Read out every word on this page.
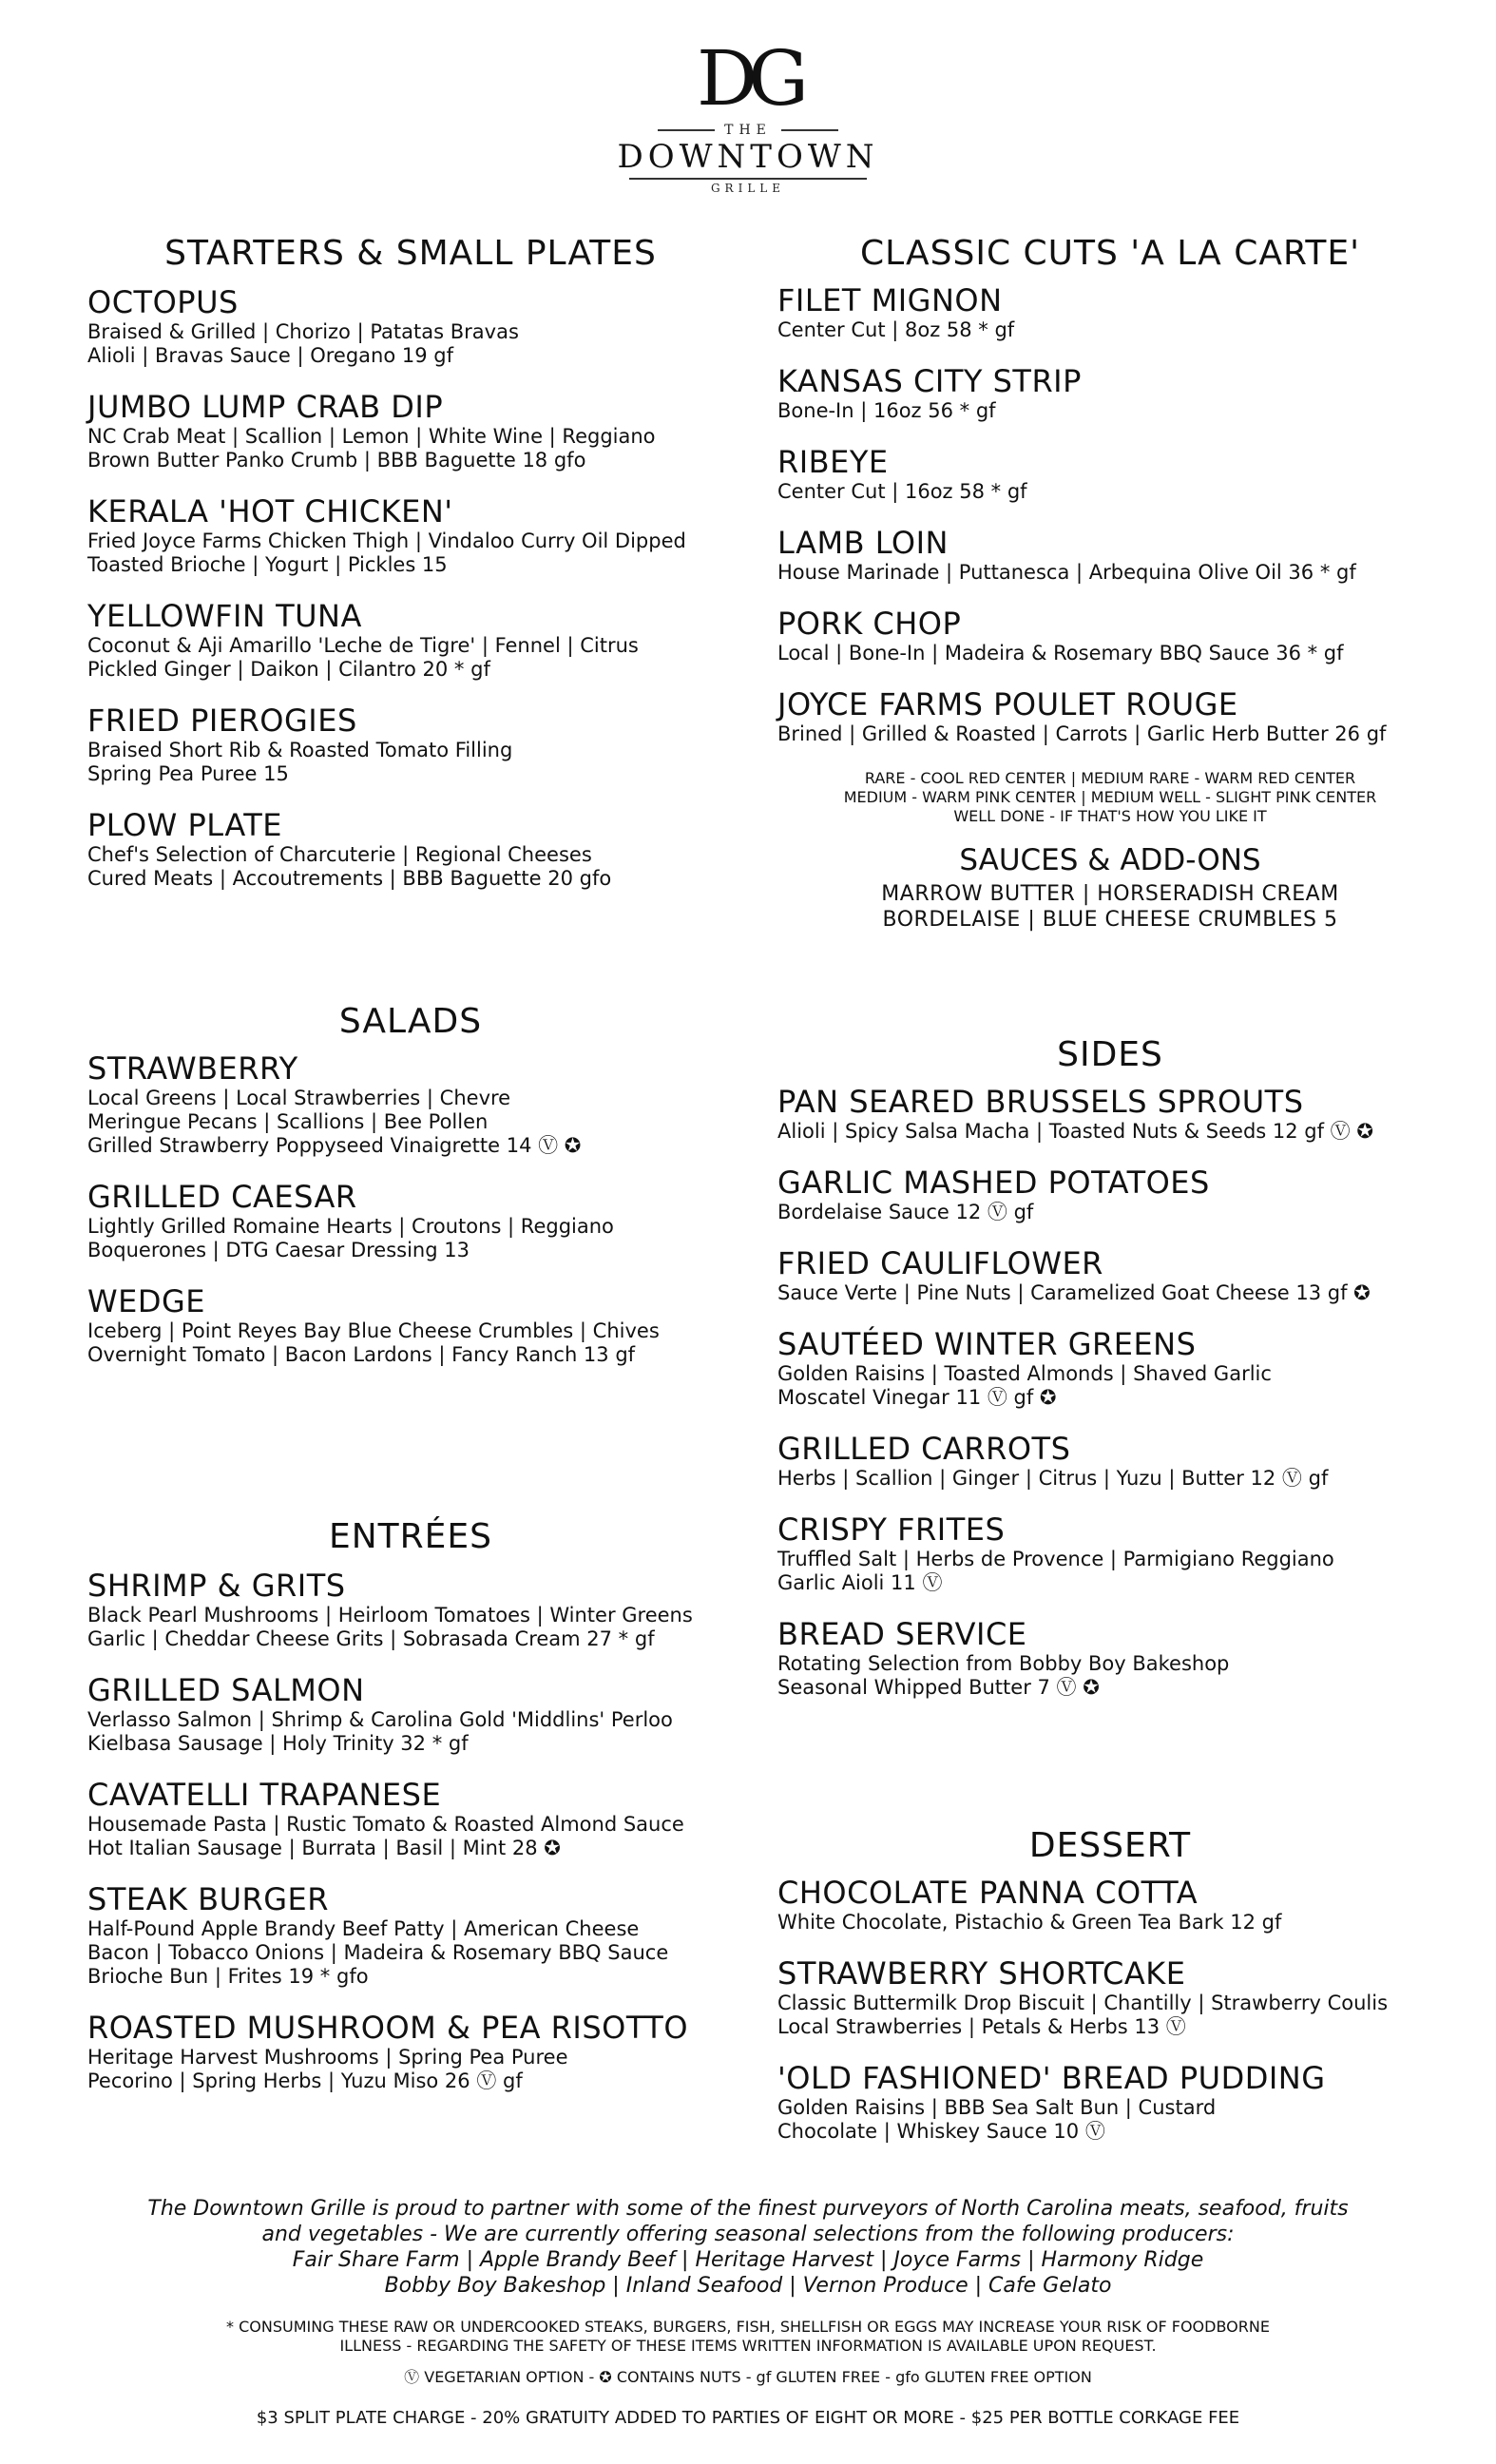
DG
THE
DOWNTOWN
GRILLE
STARTERS & SMALL PLATES
OCTOPUS
Braised & Grilled | Chorizo | Patatas Bravas
Alioli | Bravas Sauce | Oregano 19 gf
JUMBO LUMP CRAB DIP
NC Crab Meat | Scallion | Lemon | White Wine | Reggiano
Brown Butter Panko Crumb | BBB Baguette 18 gfo
KERALA 'HOT CHICKEN'
Fried Joyce Farms Chicken Thigh | Vindaloo Curry Oil Dipped
Toasted Brioche | Yogurt | Pickles 15
YELLOWFIN TUNA
Coconut & Aji Amarillo 'Leche de Tigre' | Fennel | Citrus
Pickled Ginger | Daikon | Cilantro 20 * gf
FRIED PIEROGIES
Braised Short Rib & Roasted Tomato Filling
Spring Pea Puree 15
PLOW PLATE
Chef's Selection of Charcuterie | Regional Cheeses
Cured Meats | Accoutrements | BBB Baguette 20 gfo
SALADS
STRAWBERRY
Local Greens | Local Strawberries | Chevre
Meringue Pecans | Scallions | Bee Pollen
Grilled Strawberry Poppyseed Vinaigrette 14 Ⓥ ✪
GRILLED CAESAR
Lightly Grilled Romaine Hearts | Croutons | Reggiano
Boquerones | DTG Caesar Dressing 13
WEDGE
Iceberg | Point Reyes Bay Blue Cheese Crumbles | Chives
Overnight Tomato | Bacon Lardons | Fancy Ranch 13 gf
ENTRÉES
SHRIMP & GRITS
Black Pearl Mushrooms | Heirloom Tomatoes | Winter Greens
Garlic | Cheddar Cheese Grits | Sobrasada Cream 27 * gf
GRILLED SALMON
Verlasso Salmon | Shrimp & Carolina Gold 'Middlins' Perloo
Kielbasa Sausage | Holy Trinity 32 * gf
CAVATELLI TRAPANESE
Housemade Pasta | Rustic Tomato & Roasted Almond Sauce
Hot Italian Sausage | Burrata | Basil | Mint 28 ✪
STEAK BURGER
Half-Pound Apple Brandy Beef Patty | American Cheese
Bacon | Tobacco Onions | Madeira & Rosemary BBQ Sauce
Brioche Bun | Frites 19 * gfo
ROASTED MUSHROOM & PEA RISOTTO
Heritage Harvest Mushrooms | Spring Pea Puree
Pecorino | Spring Herbs | Yuzu Miso 26 Ⓥ gf
CLASSIC CUTS 'A LA CARTE'
FILET MIGNON
Center Cut | 8oz 58 * gf
KANSAS CITY STRIP
Bone-In | 16oz 56 * gf
RIBEYE
Center Cut | 16oz 58 * gf
LAMB LOIN
House Marinade | Puttanesca | Arbequina Olive Oil 36 * gf
PORK CHOP
Local | Bone-In | Madeira & Rosemary BBQ Sauce 36 * gf
JOYCE FARMS POULET ROUGE
Brined | Grilled & Roasted | Carrots | Garlic Herb Butter 26 gf
RARE - COOL RED CENTER | MEDIUM RARE - WARM RED CENTER
MEDIUM - WARM PINK CENTER | MEDIUM WELL - SLIGHT PINK CENTER
WELL DONE - IF THAT'S HOW YOU LIKE IT
SAUCES & ADD-ONS
MARROW BUTTER | HORSERADISH CREAM
BORDELAISE | BLUE CHEESE CRUMBLES 5
SIDES
PAN SEARED BRUSSELS SPROUTS
Alioli | Spicy Salsa Macha | Toasted Nuts & Seeds 12 gf Ⓥ ✪
GARLIC MASHED POTATOES
Bordelaise Sauce 12 Ⓥ gf
FRIED CAULIFLOWER
Sauce Verte | Pine Nuts | Caramelized Goat Cheese 13 gf ✪
SAUTÉED WINTER GREENS
Golden Raisins | Toasted Almonds | Shaved Garlic
Moscatel Vinegar 11 Ⓥ gf ✪
GRILLED CARROTS
Herbs | Scallion | Ginger | Citrus | Yuzu | Butter 12 Ⓥ gf
CRISPY FRITES
Truffled Salt | Herbs de Provence | Parmigiano Reggiano
Garlic Aioli 11 Ⓥ
BREAD SERVICE
Rotating Selection from Bobby Boy Bakeshop
Seasonal Whipped Butter 7 Ⓥ ✪
DESSERT
CHOCOLATE PANNA COTTA
White Chocolate, Pistachio & Green Tea Bark 12 gf
STRAWBERRY SHORTCAKE
Classic Buttermilk Drop Biscuit | Chantilly | Strawberry Coulis
Local Strawberries | Petals & Herbs 13 Ⓥ
'OLD FASHIONED' BREAD PUDDING
Golden Raisins | BBB Sea Salt Bun | Custard
Chocolate | Whiskey Sauce 10 Ⓥ
The Downtown Grille is proud to partner with some of the finest purveyors of North Carolina meats, seafood, fruits
and vegetables - We are currently offering seasonal selections from the following producers:
Fair Share Farm | Apple Brandy Beef | Heritage Harvest | Joyce Farms | Harmony Ridge
Bobby Boy Bakeshop | Inland Seafood | Vernon Produce | Cafe Gelato
* CONSUMING THESE RAW OR UNDERCOOKED STEAKS, BURGERS, FISH, SHELLFISH OR EGGS MAY INCREASE YOUR RISK OF FOODBORNE
ILLNESS - REGARDING THE SAFETY OF THESE ITEMS WRITTEN INFORMATION IS AVAILABLE UPON REQUEST.
Ⓥ VEGETARIAN OPTION - ✪ CONTAINS NUTS - gf GLUTEN FREE - gfo GLUTEN FREE OPTION
$3 SPLIT PLATE CHARGE - 20% GRATUITY ADDED TO PARTIES OF EIGHT OR MORE - $25 PER BOTTLE CORKAGE FEE
